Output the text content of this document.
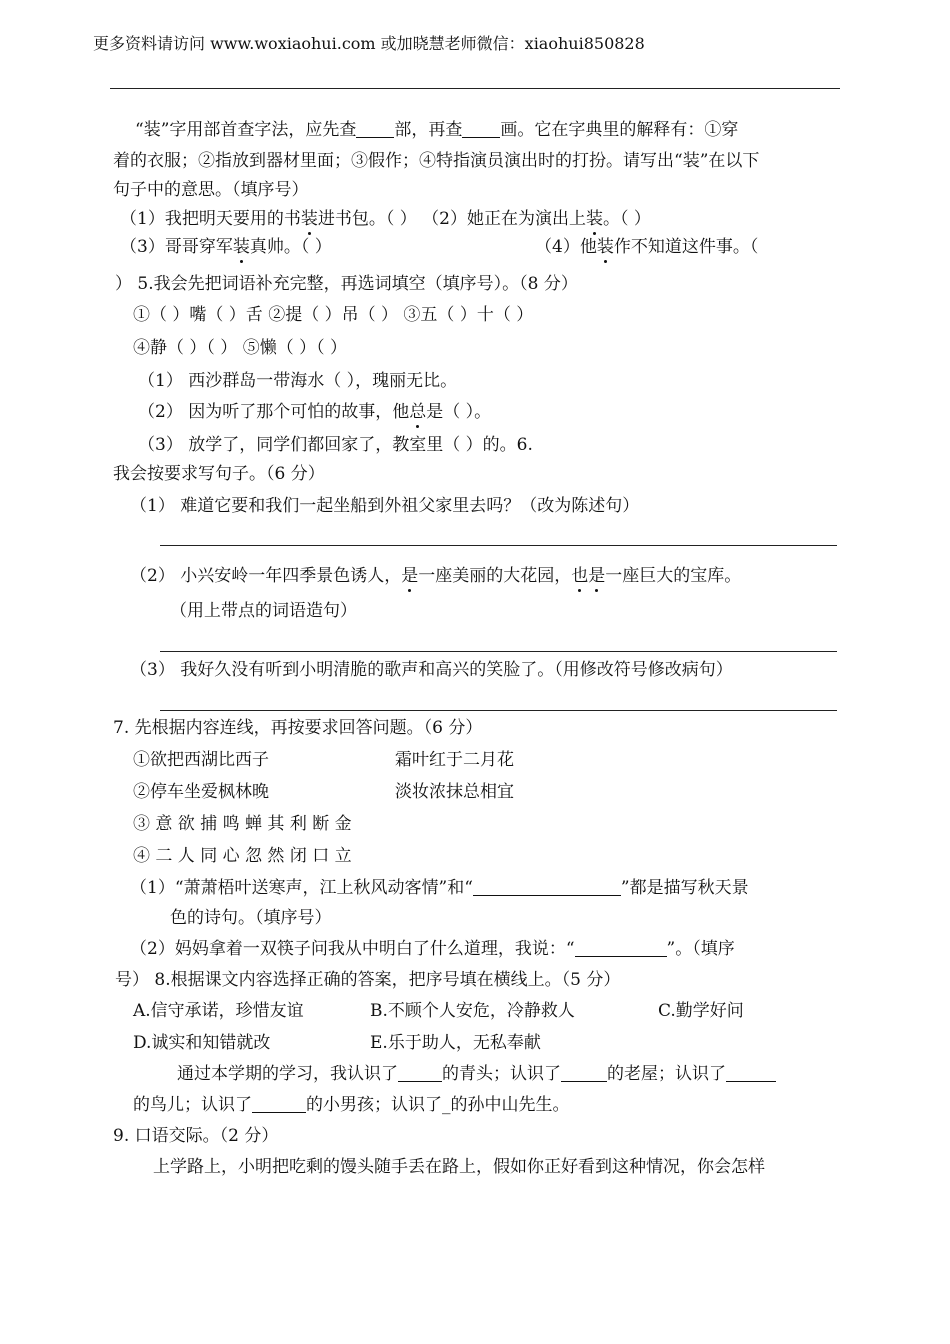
更多资料请访问 www.woxiaohui.com 或加晓慧老师微信：xiaohui850828
“装”字用部首查字法，应先查 部，再查 画。它在字典里的解释有：①穿
着的衣服；②指放到器材里面；③假作；④特指演员演出时的打扮。请写出“装”在以下
句子中的意思。（填序号）
（1）我把明天要用的书装进书包。（ ） （2）她正在为演出上装。（ ）
（3）哥哥穿军装真帅。（ ）	（4）他装作不知道这件事。（
） 5.我会先把词语补充完整，再选词填空（填序号）。（8 分）
①（ ）嘴（ ）舌 ②提（ ）吊（ ） ③五（ ）十（ ）
④静（ ）（ ） ⑤懒（ ）（ ）
（1） 西沙群岛一带海水（ ），瑰丽无比。
（2） 因为听了那个可怕的故事，他总是（ ）。
（3） 放学了，同学们都回家了，教室里（ ）的。6.
我会按要求写句子。（6 分）
（1） 难道它要和我们一起坐船到外祖父家里去吗？（改为陈述句）
（2） 小兴安岭一年四季景色诱人，是一座美丽的大花园，也是一座巨大的宝库。
（用上带点的词语造句）
（3） 我好久没有听到小明清脆的歌声和高兴的笑脸了。（用修改符号修改病句）
7. 先根据内容连线，再按要求回答问题。（6 分）
①欲把西湖比西子	霜叶红于二月花
②停车坐爱枫林晚	淡妆浓抹总相宜
③ 意 欲 捕 鸣 蝉 其 利 断 金
④ 二 人 同 心 忽 然 闭 口 立
（1）“萧萧梧叶送寒声，江上秋风动客情”和“	”都是描写秋天景
色的诗句。（填序号）
（2）妈妈拿着一双筷子问我从中明白了什么道理，我说：“	”。（填序
号） 8.根据课文内容选择正确的答案，把序号填在横线上。（5 分）
A.信守承诺，珍惜友谊	B.不顾个人安危，冷静救人	C.勤学好问
D.诚实和知错就改	E.乐于助人，无私奉献
通过本学期的学习，我认识了	的青头；认识了	的老屋；认识了
的鸟儿；认识了	的小男孩；认识了_的孙中山先生。
9. 口语交际。（2 分）
上学路上，小明把吃剩的馒头随手丢在路上，假如你正好看到这种情况，你会怎样
